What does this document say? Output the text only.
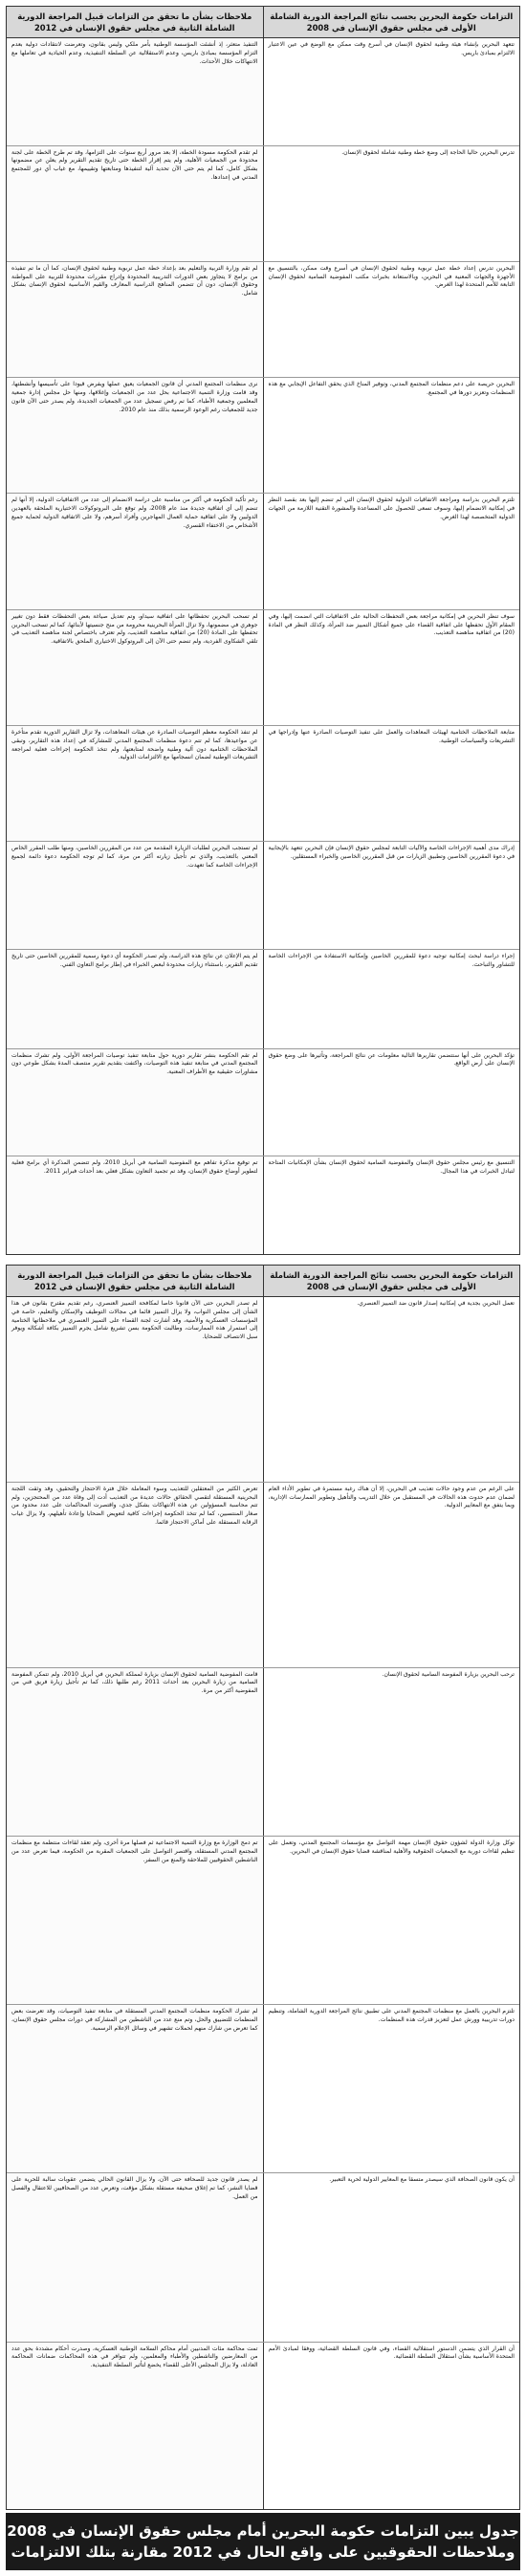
التزامات حكومة البحرين بحسب نتائج المراجعة الدورية الشاملة الأولى في مجلس حقوق الإنسان في 2008
ملاحظات بشأن ما تحقق من التزامات قبيل المراجعة الدورية الشاملة الثانية في مجلس حقوق الإنسان في 2012
تتعهد البحرين بإنشاء هيئة وطنية لحقوق الإنسان في أسرع وقت ممكن مع الوضع في عين الاعتبار الالتزام بمبادئ باريس.
التنفيذ متعثر، إذ أنشئت المؤسسة الوطنية بأمر ملكي وليس بقانون، وتعرضت لانتقادات دولية بعدم التزام المؤسسة بمبادئ باريس، وعدم الاستقلالية عن السلطة التنفيذية، وعدم الحيادية في تعاملها مع الانتهاكات خلال الأحداث.
تدرس البحرين حاليا الحاجة إلى وضع خطة وطنية شاملة لحقوق الإنسان.
لم تقدم الحكومة مسودة الخطة، إلا بعد مرور أربع سنوات على التزامها، وقد تم طرح الخطة على لجنة محدودة من الجمعيات الأهلية، ولم يتم إقرار الخطة حتى تاريخ تقديم التقرير ولم يعلن عن مضمونها بشكل كامل، كما لم يتم حتى الآن تحديد آلية لتنفيذها ومتابعتها وتقييمها، مع غياب أي دور للمجتمع المدني في إعدادها.
البحرين تدرس إعداد خطة عمل تربوية وطنية لحقوق الإنسان في أسرع وقت ممكن، بالتنسيق مع الأجهزة والجهات المعنية في البحرين، وبالاستعانة بخبرات مكتب المفوضية السامية لحقوق الإنسان التابعة للأمم المتحدة لهذا الغرض.
لم تقم وزارة التربية والتعليم بعد بإعداد خطة عمل تربوية وطنية لحقوق الإنسان، كما أن ما تم تنفيذه من برامج لا يتجاوز بعض الدورات التدريبية المحدودة وإدراج مقررات محدودة للتربية على المواطنة وحقوق الإنسان، دون أن تتضمن المناهج الدراسية المعارف والقيم الأساسية لحقوق الإنسان بشكل شامل.
البحرين حريصة على دعم منظمات المجتمع المدني، وتوفير المناخ الذي يحقق التفاعل الإيجابي مع هذه المنظمات وتعزيز دورها في المجتمع.
نرى منظمات المجتمع المدني أن قانون الجمعيات يعيق عملها ويفرض قيودا على تأسيسها وأنشطتها، وقد قامت وزارة التنمية الاجتماعية بحل عدد من الجمعيات وإغلاقها، ومنها حل مجلس إدارة جمعية المعلمين وجمعية الأطباء، كما تم رفض تسجيل عدد من الجمعيات الجديدة، ولم يصدر حتى الآن قانون جديد للجمعيات رغم الوعود الرسمية بذلك منذ عام 2010.
تلتزم البحرين بدراسة ومراجعة الاتفاقيات الدولية لحقوق الإنسان التي لم تنضم إليها بعد بقصد النظر في إمكانية الانضمام إليها، وسوف تسعى للحصول على المساعدة والمشورة التقنية اللازمة من الجهات الدولية المتخصصة لهذا الغرض.
رغم تأكيد الحكومة في أكثر من مناسبة على دراسة الانضمام إلى عدد من الاتفاقيات الدولية، إلا أنها لم تنضم إلى أي اتفاقية جديدة منذ عام 2008، ولم توقع على البروتوكولات الاختيارية الملحقة بالعهدين الدوليين ولا على اتفاقية حماية العمال المهاجرين وأفراد أسرهم، ولا على الاتفاقية الدولية لحماية جميع الأشخاص من الاختفاء القسري.
سوف تنظر البحرين في إمكانية مراجعة بعض التحفظات الحالية على الاتفاقيات التي انضمت إليها، وفي المقام الأول تحفظها على اتفاقية القضاء على جميع أشكال التمييز ضد المرأة، وكذلك النظر في المادة (20) من اتفاقية مناهضة التعذيب.
لم تسحب البحرين تحفظاتها على اتفاقية سيداو، وتم تعديل صياغة بعض التحفظات فقط دون تغيير جوهري في مضمونها، ولا تزال المرأة البحرينية محرومة من منح جنسيتها لأبنائها، كما لم تسحب البحرين تحفظها على المادة (20) من اتفاقية مناهضة التعذيب، ولم تعترف باختصاص لجنة مناهضة التعذيب في تلقي الشكاوى الفردية، ولم تنضم حتى الآن إلى البروتوكول الاختياري الملحق بالاتفاقية.
متابعة الملاحظات الختامية لهيئات المعاهدات والعمل على تنفيذ التوصيات الصادرة عنها وإدراجها في التشريعات والسياسات الوطنية.
لم تنفذ الحكومة معظم التوصيات الصادرة عن هيئات المعاهدات، ولا تزال التقارير الدورية تقدم متأخرة عن مواعيدها، كما لم تتم دعوة منظمات المجتمع المدني للمشاركة في إعداد هذه التقارير، وتبقى الملاحظات الختامية دون آلية وطنية واضحة لمتابعتها، ولم تتخذ الحكومة إجراءات فعلية لمراجعة التشريعات الوطنية لضمان انسجامها مع الالتزامات الدولية.
إدراك مدى أهمية الإجراءات الخاصة والآليات التابعة لمجلس حقوق الإنسان فإن البحرين تتعهد بالإيجابية في دعوة المقررين الخاصين وتطبيق الزيارات من قبل المقررين الخاصين والخبراء المستقلين.
لم تستجب البحرين لطلبات الزيارة المقدمة من عدد من المقررين الخاصين، ومنها طلب المقرر الخاص المعني بالتعذيب، والذي تم تأجيل زيارته أكثر من مرة، كما لم توجه الحكومة دعوة دائمة لجميع الإجراءات الخاصة كما تعهدت.
إجراء دراسة لبحث إمكانية توجيه دعوة للمقررين الخاصين وإمكانية الاستفادة من الإجراءات الخاصة للتشاور والتباحث.
لم يتم الإعلان عن نتائج هذه الدراسة، ولم تصدر الحكومة أي دعوة رسمية للمقررين الخاصين حتى تاريخ تقديم التقرير، باستثناء زيارات محدودة لبعض الخبراء في إطار برامج التعاون الفني.
تؤكد البحرين على أنها ستتضمن تقاريرها التالية معلومات عن نتائج المراجعة، وتأثيرها على وضع حقوق الإنسان على أرض الواقع.
لم تقم الحكومة بنشر تقارير دورية حول متابعة تنفيذ توصيات المراجعة الأولى، ولم تشرك منظمات المجتمع المدني في متابعة تنفيذ هذه التوصيات، واكتفت بتقديم تقرير منتصف المدة بشكل طوعي دون مشاورات حقيقية مع الأطراف المعنية.
التنسيق مع رئيس مجلس حقوق الإنسان والمفوضية السامية لحقوق الإنسان بشأن الإمكانيات المتاحة لتبادل الخبرات في هذا المجال.
تم توقيع مذكرة تفاهم مع المفوضية السامية في أبريل 2010، ولم تتضمن المذكرة أي برامج فعلية لتطوير أوضاع حقوق الإنسان، وقد تم تجميد التعاون بشكل فعلي بعد أحداث فبراير 2011.
التزامات حكومة البحرين بحسب نتائج المراجعة الدورية الشاملة الأولى في مجلس حقوق الإنسان في 2008
ملاحظات بشأن ما تحقق من التزامات قبيل المراجعة الدورية الشاملة الثانية في مجلس حقوق الإنسان في 2012
تعمل البحرين بجدية في إمكانية إصدار قانون ضد التمييز العنصري.
لم تصدر البحرين حتى الآن قانونا خاصا لمكافحة التمييز العنصري، رغم تقديم مقترح بقانون في هذا الشأن إلى مجلس النواب، ولا يزال التمييز قائما في مجالات التوظيف والإسكان والتعليم، خاصة في المؤسسات العسكرية والأمنية، وقد أشارت لجنة القضاء على التمييز العنصري في ملاحظاتها الختامية إلى استمرار هذه الممارسات، وطالبت الحكومة بسن تشريع شامل يجرم التمييز بكافة أشكاله ويوفر سبل الانتصاف للضحايا.
على الرغم من عدم وجود حالات تعذيب في البحرين، إلا أن هناك رغبة مستمرة في تطوير الأداء العام لضمان عدم حدوث هذه الحالات في المستقبل من خلال التدريب والتأهيل وتطوير الممارسات الإدارية، وبما يتفق مع المعايير الدولية.
تعرض الكثير من المعتقلين للتعذيب وسوء المعاملة خلال فترة الاحتجاز والتحقيق، وقد وثقت اللجنة البحرينية المستقلة لتقصي الحقائق حالات عديدة من التعذيب أدت إلى وفاة عدد من المحتجزين، ولم تتم محاسبة المسؤولين عن هذه الانتهاكات بشكل جدي، واقتصرت المحاكمات على عدد محدود من صغار المنتسبين، كما لم تتخذ الحكومة إجراءات كافية لتعويض الضحايا وإعادة تأهيلهم، ولا يزال غياب الرقابة المستقلة على أماكن الاحتجاز قائما.
ترحب البحرين بزيارة المفوضة السامية لحقوق الإنسان.
قامت المفوضية السامية لحقوق الإنسان بزيارة لمملكة البحرين في أبريل 2010، ولم تتمكن المفوضة السامية من زيارة البحرين بعد أحداث 2011 رغم طلبها ذلك، كما تم تأجيل زيارة فريق فني من المفوضية أكثر من مرة.
توكل وزارة الدولة لشؤون حقوق الإنسان مهمة التواصل مع مؤسسات المجتمع المدني، وتعمل على تنظيم لقاءات دورية مع الجمعيات الحقوقية والأهلية لمناقشة قضايا حقوق الإنسان في البحرين.
تم دمج الوزارة مع وزارة التنمية الاجتماعية ثم فصلها مرة أخرى، ولم تعقد لقاءات منتظمة مع منظمات المجتمع المدني المستقلة، واقتصر التواصل على الجمعيات المقربة من الحكومة، فيما تعرض عدد من الناشطين الحقوقيين للملاحقة والمنع من السفر.
تلتزم البحرين بالعمل مع منظمات المجتمع المدني على تطبيق نتائج المراجعة الدورية الشاملة، وتنظيم دورات تدريبية وورش عمل لتعزيز قدرات هذه المنظمات.
لم تشرك الحكومة منظمات المجتمع المدني المستقلة في متابعة تنفيذ التوصيات، وقد تعرضت بعض المنظمات للتضييق والحل، وتم منع عدد من الناشطين من المشاركة في دورات مجلس حقوق الإنسان، كما تعرض من شارك منهم لحملات تشهير في وسائل الإعلام الرسمية.
أن يكون قانون الصحافة الذي سيصدر متسقا مع المعايير الدولية لحرية التعبير.
لم يصدر قانون جديد للصحافة حتى الآن، ولا يزال القانون الحالي يتضمن عقوبات سالبة للحرية على قضايا النشر، كما تم إغلاق صحيفة مستقلة بشكل مؤقت، وتعرض عدد من الصحافيين للاعتقال والفصل من العمل.
أن القرار الذي يتضمن الدستور استقلالية القضاء، وفي قانون السلطة القضائية، ووفقا لمبادئ الأمم المتحدة الأساسية بشأن استقلال السلطة القضائية.
تمت محاكمة مئات المدنيين أمام محاكم السلامة الوطنية العسكرية، وصدرت أحكام مشددة بحق عدد من المعارضين والناشطين والأطباء والمعلمين، ولم تتوافر في هذه المحاكمات ضمانات المحاكمة العادلة، ولا يزال المجلس الأعلى للقضاء يخضع لتأثير السلطة التنفيذية.
جدول يبين التزامات حكومة البحرين أمام مجلس حقوق الإنسان في 2008
وملاحظات الحقوقيين على واقع الحال في 2012 مقارنة بتلك الالتزامات
